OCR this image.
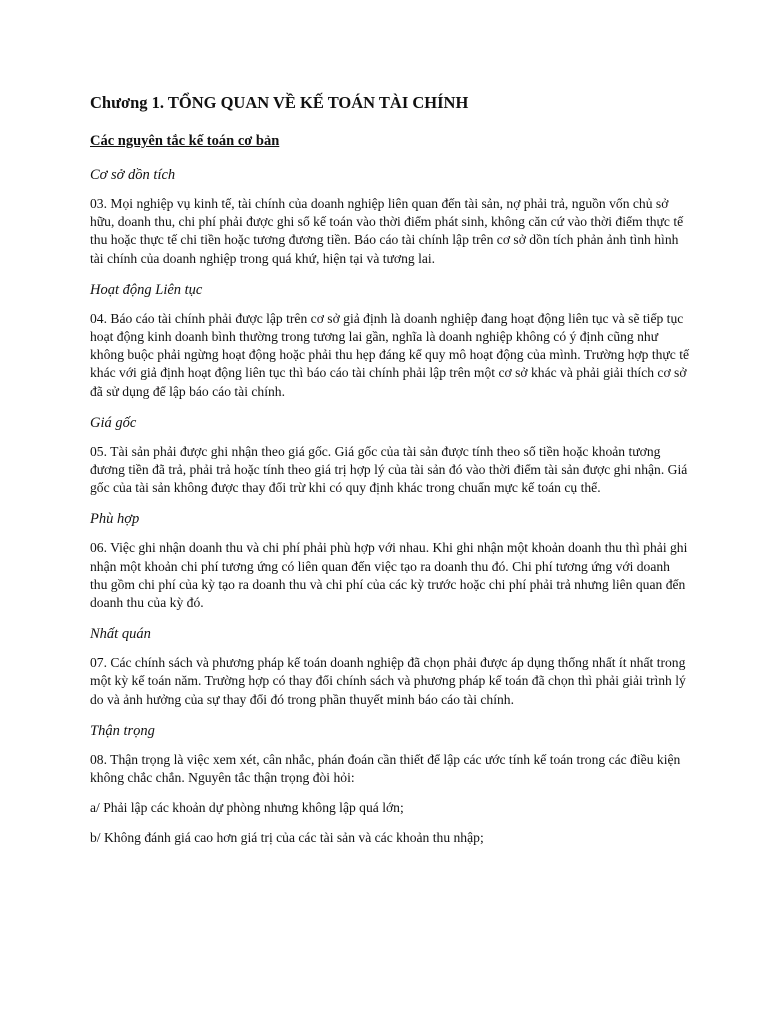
Chương 1. TỔNG QUAN VỀ KẾ TOÁN TÀI CHÍNH
Các nguyên tắc kế toán cơ bản
Cơ sở dồn tích

03. Mọi nghiệp vụ kinh tế, tài chính của doanh nghiệp liên quan đến tài sản, nợ phải trả, nguồn vốn chủ sở hữu, doanh thu, chi phí phải được ghi sổ kế toán vào thời điểm phát sinh, không căn cứ vào thời điểm thực tế thu hoặc thực tế chi tiền hoặc tương đương tiền. Báo cáo tài chính lập trên cơ sở dồn tích phản ảnh tình hình tài chính của doanh nghiệp trong quá khứ, hiện tại và tương lai.

Hoạt động Liên tục

04. Báo cáo tài chính phải được lập trên cơ sở giả định là doanh nghiệp đang hoạt động liên tục và sẽ tiếp tục hoạt động kinh doanh bình thường trong tương lai gần, nghĩa là doanh nghiệp không có ý định cũng như không buộc phải ngừng hoạt động hoặc phải thu hẹp đáng kể quy mô hoạt động của mình. Trường hợp thực tế khác với giả định hoạt động liên tục thì báo cáo tài chính phải lập trên một cơ sở khác và phải giải thích cơ sở đã sử dụng để lập báo cáo tài chính.

Giá gốc

05. Tài sản phải được ghi nhận theo giá gốc. Giá gốc của tài sản được tính theo số tiền hoặc khoản tương đương tiền đã trả, phải trả hoặc tính theo giá trị hợp lý của tài sản đó vào thời điểm tài sản được ghi nhận. Giá gốc của tài sản không được thay đổi trừ khi có quy định khác trong chuẩn mực kế toán cụ thể.

Phù hợp

06. Việc ghi nhận doanh thu và chi phí phải phù hợp với nhau. Khi ghi nhận một khoản doanh thu thì phải ghi nhận một khoản chi phí tương ứng có liên quan đến việc tạo ra doanh thu đó. Chi phí tương ứng với doanh thu gồm chi phí của kỳ tạo ra doanh thu và chi phí của các kỳ trước hoặc chi phí phải trả nhưng liên quan đến doanh thu của kỳ đó.

Nhất quán

07. Các chính sách và phương pháp kế toán doanh nghiệp đã chọn phải được áp dụng thống nhất ít nhất trong một kỳ kế toán năm. Trường hợp có thay đổi chính sách và phương pháp kế toán đã chọn thì phải giải trình lý do và ảnh hưởng của sự thay đổi đó trong phần thuyết minh báo cáo tài chính.

Thận trọng

08. Thận trọng là việc xem xét, cân nhắc, phán đoán cần thiết để lập các ước tính kế toán trong các điều kiện không chắc chắn. Nguyên tắc thận trọng đòi hỏi:

a/ Phải lập các khoản dự phòng nhưng không lập quá lớn;

b/ Không đánh giá cao hơn giá trị của các tài sản và các khoản thu nhập;
